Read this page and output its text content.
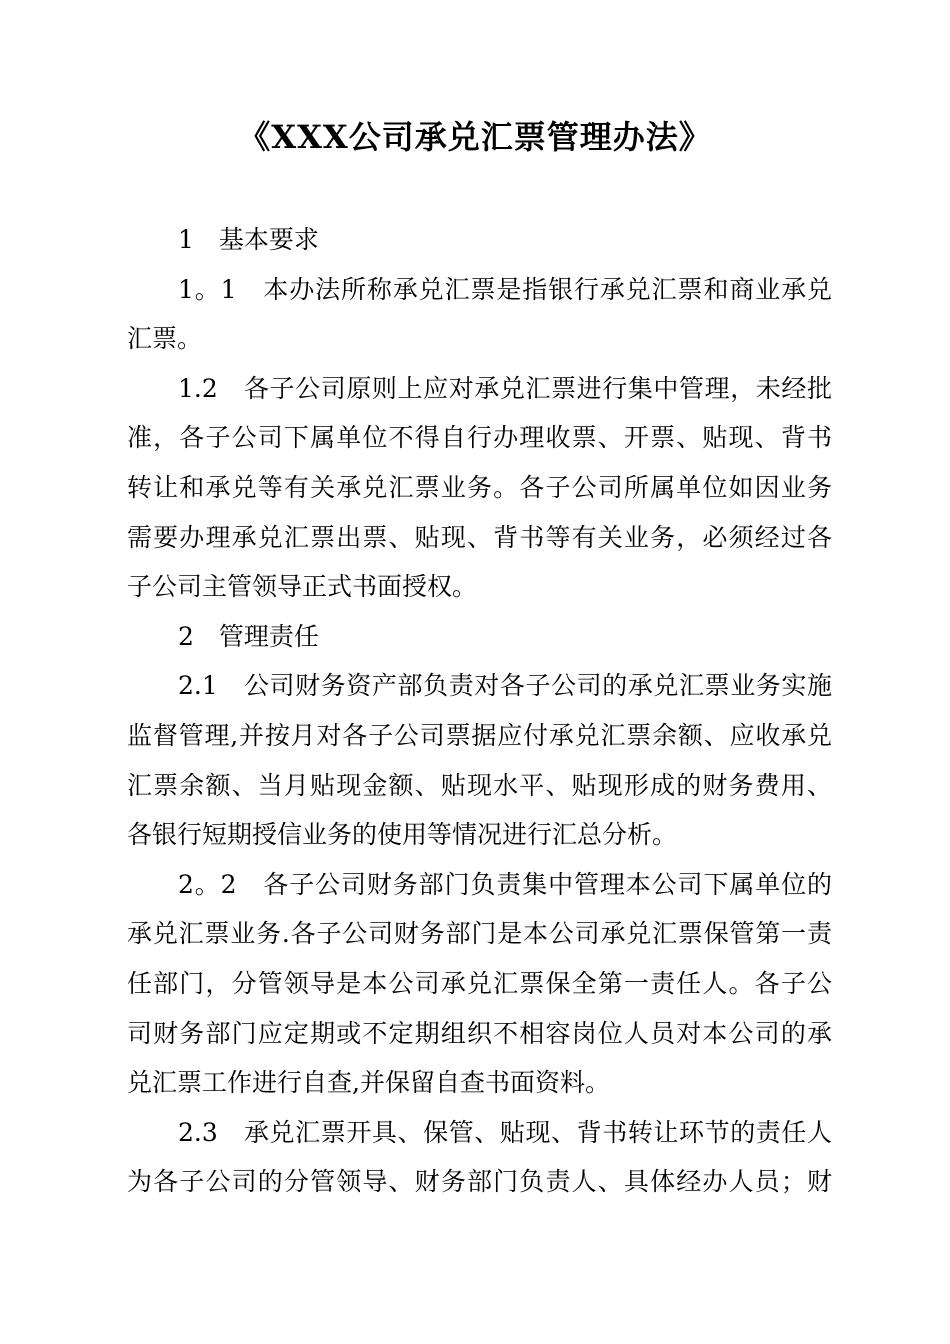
《XXX公司承兑汇票管理办法》
1　基本要求
1。1　本办法所称承兑汇票是指银行承兑汇票和商业承兑
汇票。
1.2　各子公司原则上应对承兑汇票进行集中管理，未经批
准，各子公司下属单位不得自行办理收票、开票、贴现、背书
转让和承兑等有关承兑汇票业务。各子公司所属单位如因业务
需要办理承兑汇票出票、贴现、背书等有关业务，必须经过各
子公司主管领导正式书面授权。
2　管理责任
2.1　公司财务资产部负责对各子公司的承兑汇票业务实施
监督管理,并按月对各子公司票据应付承兑汇票余额、应收承兑
汇票余额、当月贴现金额、贴现水平、贴现形成的财务费用、
各银行短期授信业务的使用等情况进行汇总分析。
2。2　各子公司财务部门负责集中管理本公司下属单位的
承兑汇票业务.各子公司财务部门是本公司承兑汇票保管第一责
任部门，分管领导是本公司承兑汇票保全第一责任人。各子公
司财务部门应定期或不定期组织不相容岗位人员对本公司的承
兑汇票工作进行自查,并保留自查书面资料。
2.3　承兑汇票开具、保管、贴现、背书转让环节的责任人
为各子公司的分管领导、财务部门负责人、具体经办人员；财
